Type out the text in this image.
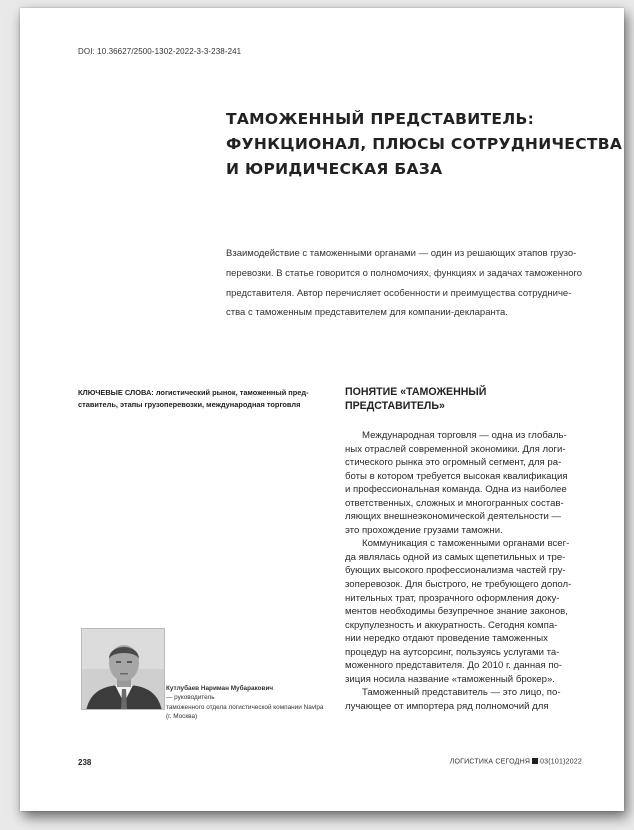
DOI: 10.36627/2500-1302-2022-3-3-238-241
ТАМОЖЕННЫЙ ПРЕДСТАВИТЕЛЬ:
ФУНКЦИОНАЛ, ПЛЮСЫ СОТРУДНИЧЕСТВА
И ЮРИДИЧЕСКАЯ БАЗА

Взаимодействие с таможенными органами — один из решающих этапов грузо-
перевозки. В статье говорится о полномочиях, функциях и задачах таможенного
представителя. Автор перечисляет особенности и преимущества сотрудниче-
ства с таможенным представителем для компании-декларанта.

КЛЮЧЕВЫЕ СЛОВА: логистический рынок, таможенный пред-
ставитель, этапы грузоперевозки, международная торговля
ПОНЯТИЕ «ТАМОЖЕННЫЙ
ПРЕДСТАВИТЕЛЬ»
Международная торговля — одна из глобаль-
ных отраслей современной экономики. Для логи-
стического рынка это огромный сегмент, для ра-
боты в котором требуется высокая квалификация
и профессиональная команда. Одна из наиболее
ответственных, сложных и многогранных состав-
ляющих внешнеэкономической деятельности —
это прохождение грузами таможни.
Коммуникация с таможенными органами всег-
да являлась одной из самых щепетильных и тре-
бующих высокого профессионализма частей гру-
зоперевозок. Для быстрого, не требующего допол-
нительных трат, прозрачного оформления доку-
ментов необходимы безупречное знание законов,
скрупулезность и аккуратность. Сегодня компа-
нии нередко отдают проведение таможенных
процедур на аутсорсинг, пользуясь услугами та-
моженного представителя. До 2010 г. данная по-
зиция носила название «таможенный брокер».
Таможенный представитель — это лицо, по-
лучающее от импортера ряд полномочий для
Кутлубаев Нариман Мубаракович
— руководитель
таможенного отдела логистической компании Navlpa
(г. Москва)
238	ЛОГИСТИКА СЕГОДНЯ 03(101)2022
